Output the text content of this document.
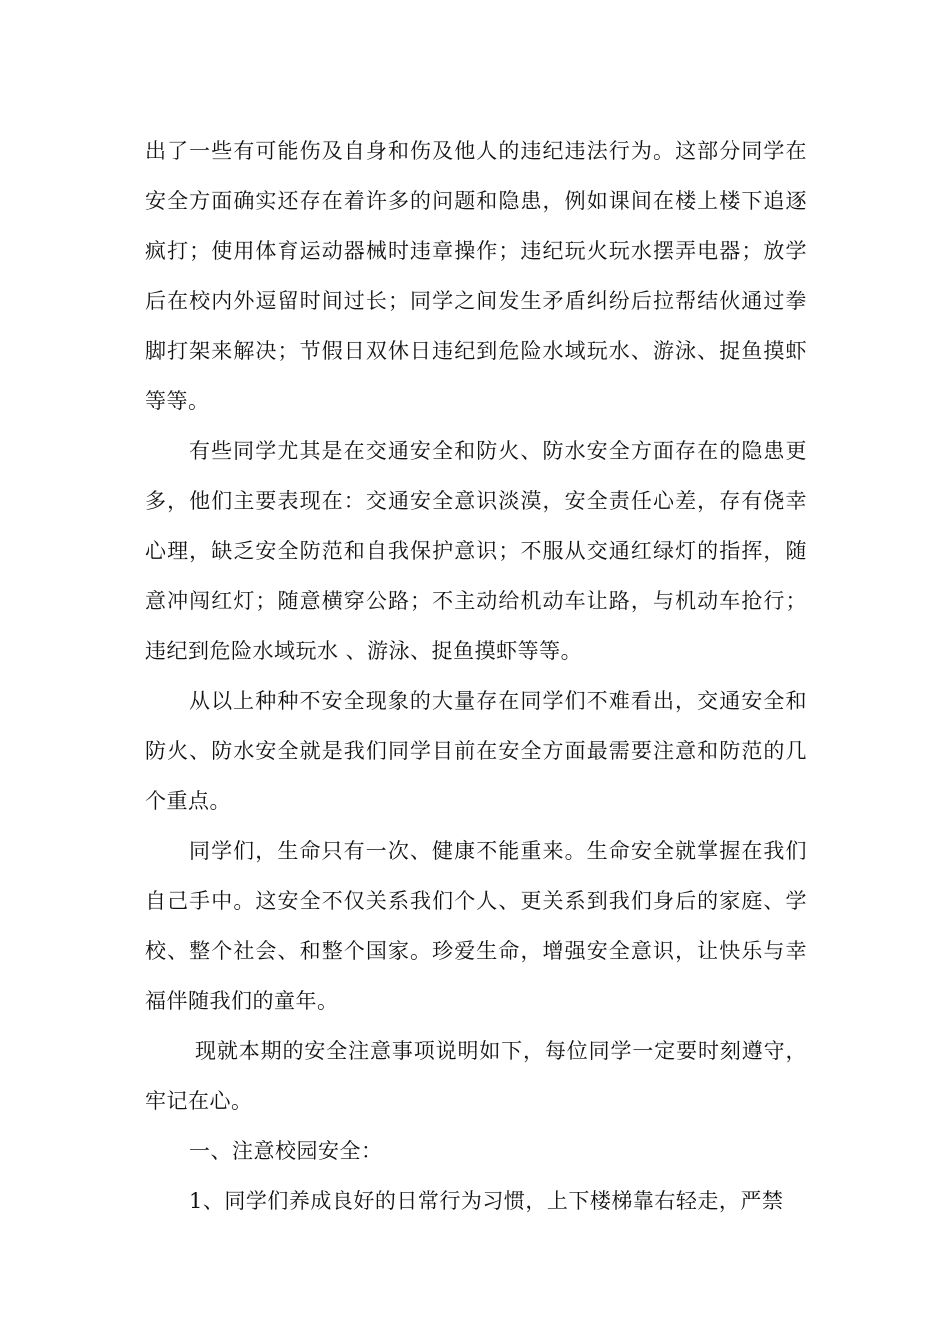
出了一些有可能伤及自身和伤及他人的违纪违法行为。这部分同学在安全方面确实还存在着许多的问题和隐患，例如课间在楼上楼下追逐疯打；使用体育运动器械时违章操作；违纪玩火玩水摆弄电器；放学后在校内外逗留时间过长；同学之间发生矛盾纠纷后拉帮结伙通过拳脚打架来解决；节假日双休日违纪到危险水域玩水、游泳、捉鱼摸虾等等。

有些同学尤其是在交通安全和防火、防水安全方面存在的隐患更多，他们主要表现在：交通安全意识淡漠，安全责任心差，存有侥幸心理，缺乏安全防范和自我保护意识；不服从交通红绿灯的指挥，随意冲闯红灯；随意横穿公路；不主动给机动车让路，与机动车抢行；违纪到危险水域玩水 、游泳、捉鱼摸虾等等。

从以上种种不安全现象的大量存在同学们不难看出，交通安全和防火、防水安全就是我们同学目前在安全方面最需要注意和防范的几个重点。

同学们，生命只有一次、健康不能重来。生命安全就掌握在我们自己手中。这安全不仅关系我们个人、更关系到我们身后的家庭、学校、整个社会、和整个国家。珍爱生命，增强安全意识，让快乐与幸福伴随我们的童年。

现就本期的安全注意事项说明如下，每位同学一定要时刻遵守，牢记在心。

一、注意校园安全：

1、同学们养成良好的日常行为习惯，上下楼梯靠右轻走，严禁
